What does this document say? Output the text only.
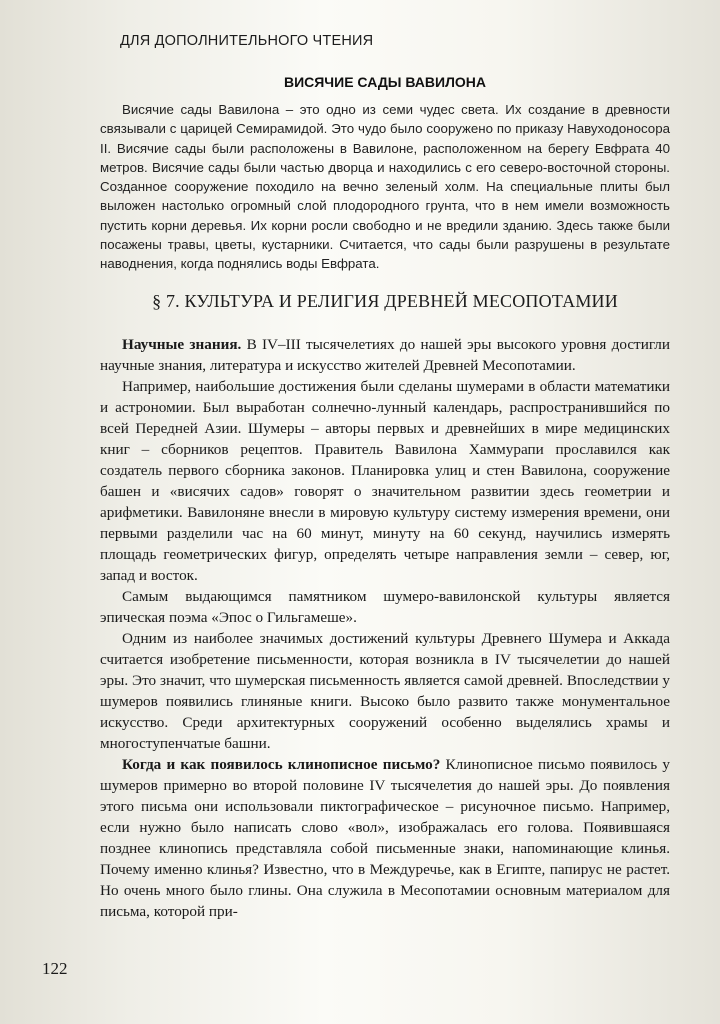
ДЛЯ ДОПОЛНИТЕЛЬНОГО ЧТЕНИЯ
ВИСЯЧИЕ САДЫ ВАВИЛОНА

Висячие сады Вавилона – это одно из семи чудес света. Их создание в древности связывали с царицей Семирамидой. Это чудо было сооружено по приказу Навуходоносора II. Висячие сады были расположены в Вавилоне, расположенном на берегу Евфрата 40 метров. Висячие сады были частью дворца и находились с его северо-восточной стороны. Созданное сооружение походило на вечно зеленый холм. На специальные плиты был выложен настолько огромный слой плодородного грунта, что в нем имели возможность пустить корни деревья. Их корни росли свободно и не вредили зданию. Здесь также были посажены травы, цветы, кустарники. Считается, что сады были разрушены в результате наводнения, когда поднялись воды Евфрата.

§ 7. КУЛЬТУРА И РЕЛИГИЯ ДРЕВНЕЙ МЕСОПОТАМИИ

Научные знания. В IV–III тысячелетиях до нашей эры высокого уровня достигли научные знания, литература и искусство жителей Древней Месопотамии.

Например, наибольшие достижения были сделаны шумерами в области математики и астрономии. Был выработан солнечно-лунный календарь, распространившийся по всей Передней Азии. Шумеры – авторы первых и древнейших в мире медицинских книг – сборников рецептов. Правитель Вавилона Хаммурапи прославился как создатель первого сборника законов. Планировка улиц и стен Вавилона, сооружение башен и «висячих садов» говорят о значительном развитии здесь геометрии и арифметики. Вавилоняне внесли в мировую культуру систему измерения времени, они первыми разделили час на 60 минут, минуту на 60 секунд, научились измерять площадь геометрических фигур, определять четыре направления земли – север, юг, запад и восток.

Самым выдающимся памятником шумеро-вавилонской культуры является эпическая поэма «Эпос о Гильгамеше».

Одним из наиболее значимых достижений культуры Древнего Шумера и Аккада считается изобретение письменности, которая возникла в IV тысячелетии до нашей эры. Это значит, что шумерская письменность является самой древней. Впоследствии у шумеров появились глиняные книги. Высоко было развито также монументальное искусство. Среди архитектурных сооружений особенно выделялись храмы и многоступенчатые башни.

Когда и как появилось клинописное письмо? Клинописное письмо появилось у шумеров примерно во второй половине IV тысячелетия до нашей эры. До появления этого письма они использовали пиктографическое – рисуночное письмо. Например, если нужно было написать слово «вол», изображалась его голова. Появившаяся позднее клинопись представляла собой письменные знаки, напоминающие клинья. Почему именно клинья? Известно, что в Междуречье, как в Египте, папирус не растет. Но очень много было глины. Она служила в Месопотамии основным материалом для письма, которой при-

122
